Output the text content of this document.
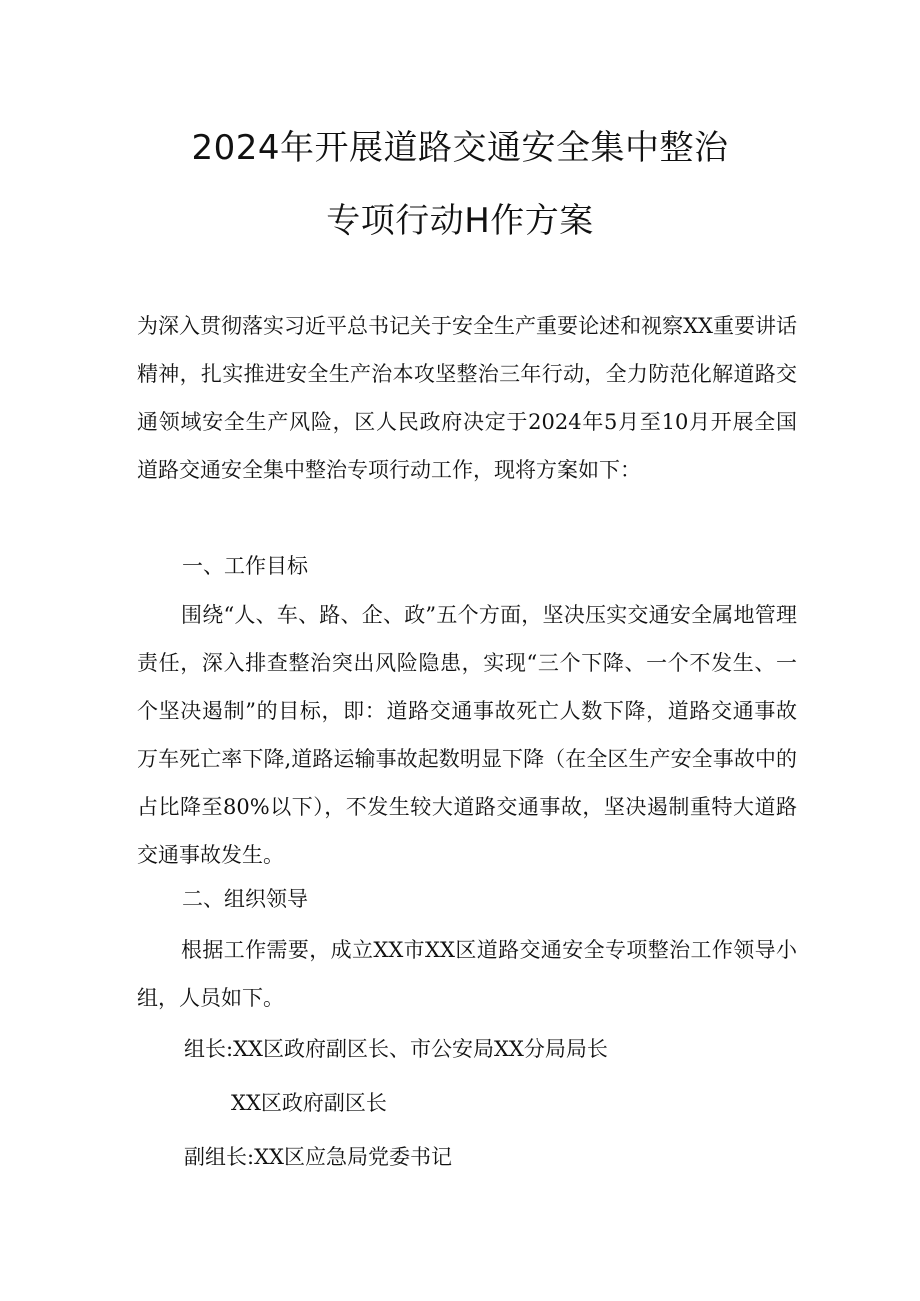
2024年开展道路交通安全集中整治
专项行动H作方案

为深入贯彻落实习近平总书记关于安全生产重要论述和视察XX重要讲话精神，扎实推进安全生产治本攻坚整治三年行动，全力防范化解道路交通领域安全生产风险，区人民政府决定于2024年5月至10月开展全国道路交通安全集中整治专项行动工作，现将方案如下：

一、工作目标

围绕“人、车、路、企、政”五个方面，坚决压实交通安全属地管理责任，深入排查整治突出风险隐患，实现“三个下降、一个不发生、一个坚决遏制”的目标，即：道路交通事故死亡人数下降，道路交通事故万车死亡率下降,道路运输事故起数明显下降（在全区生产安全事故中的占比降至80%以下），不发生较大道路交通事故，坚决遏制重特大道路交通事故发生。

二、组织领导

根据工作需要，成立XX市XX区道路交通安全专项整治工作领导小组，人员如下。

组长:XX区政府副区长、市公安局XX分局局长

XX区政府副区长

副组长:XX区应急局党委书记
